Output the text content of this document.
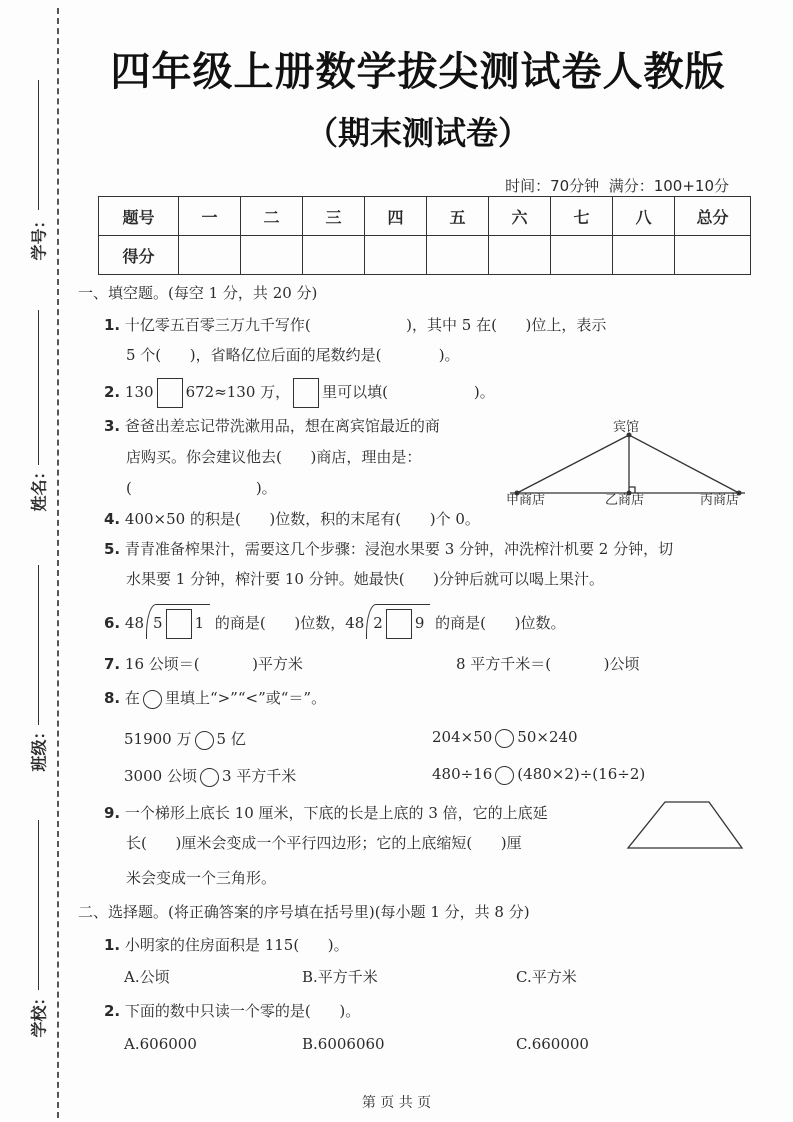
学号：
姓名：
班级：
学校：
四年级上册数学拔尖测试卷人教版
（期末测试卷）
时间：70分钟  满分：100+10分
题号	一	二	三	四	五	六	七	八	总分
得分									
一、填空题。(每空 1 分，共 20 分)
1. 十亿零五百零三万九千写作(                    )，其中 5 在(      )位上，表示
5 个(      )，省略亿位后面的尾数约是(            )。
2. 130 672≈130 万， 里可以填(                  )。
3. 爸爸出差忘记带洗漱用品，想在离宾馆最近的商
店购买。你会建议他去(      )商店，理由是：
(                          )。
宾馆
甲商店	乙商店	丙商店
4. 400×50 的积是(      )位数，积的末尾有(      )个 0。
5. 青青准备榨果汁，需要这几个步骤：浸泡水果要 3 分钟，冲洗榨汁机要 2 分钟，切
水果要 1 分钟，榨汁要 10 分钟。她最快(      )分钟后就可以喝上果汁。
6. 48 5 1 的商是(      )位数，48 2 9 的商是(      )位数。
7. 16 公顷＝(           )平方米	8 平方千米＝(           )公顷
8. 在 里填上“>”“<”或“＝”。
51900 万 5 亿	204×50 50×240
3000 公顷 3 平方千米	480÷16 (480×2)÷(16÷2)
9. 一个梯形上底长 10 厘米，下底的长是上底的 3 倍，它的上底延
长(      )厘米会变成一个平行四边形；它的上底缩短(      )厘
米会变成一个三角形。
二、选择题。(将正确答案的序号填在括号里)(每小题 1 分，共 8 分)
1. 小明家的住房面积是 115(      )。
A.公顷	B.平方千米	C.平方米
2. 下面的数中只读一个零的是(      )。
A.606000	B.6006060	C.660000
第 页 共 页
